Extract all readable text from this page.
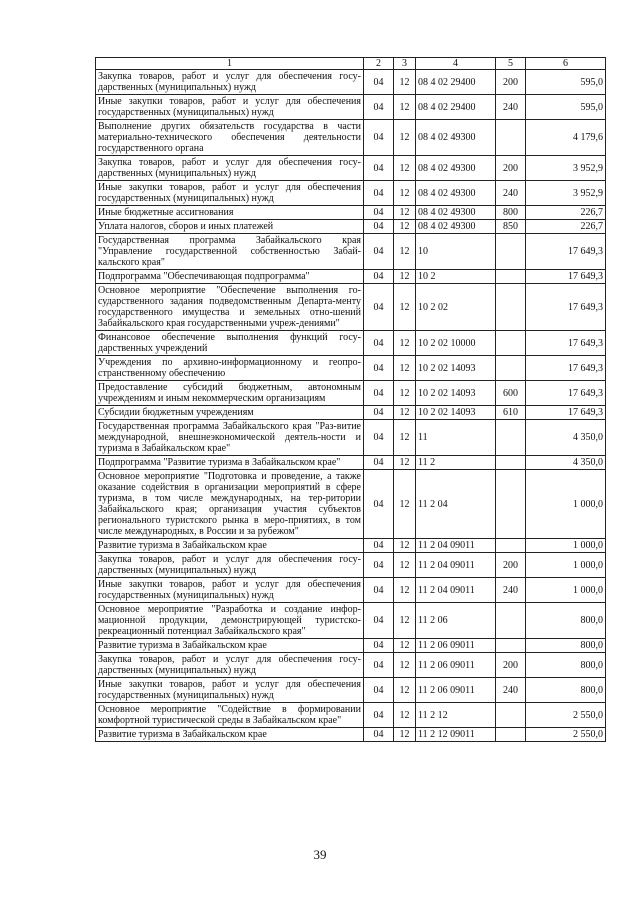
1	2	3	4	5	6
Закупка товаров, работ и услуг для обеспечения госу-дарственных (муниципальных) нужд	04	12	08 4 02 29400	200	595,0
Иные закупки товаров, работ и услуг для обеспечения государственных (муниципальных) нужд	04	12	08 4 02 29400	240	595,0
Выполнение других обязательств государства в части материально-технического обеспечения деятельности государственного органа	04	12	08 4 02 49300		4 179,6
Закупка товаров, работ и услуг для обеспечения госу-дарственных (муниципальных) нужд	04	12	08 4 02 49300	200	3 952,9
Иные закупки товаров, работ и услуг для обеспечения государственных (муниципальных) нужд	04	12	08 4 02 49300	240	3 952,9
Иные бюджетные ассигнования	04	12	08 4 02 49300	800	226,7
Уплата налогов, сборов и иных платежей	04	12	08 4 02 49300	850	226,7
Государственная программа Забайкальского края "Управление государственной собственностью Забай-кальского края"	04	12	10		17 649,3
Подпрограмма "Обеспечивающая подпрограмма"	04	12	10 2		17 649,3
Основное мероприятие "Обеспечение выполнения го-сударственного задания подведомственным Департа-менту государственного имущества и земельных отно-шений Забайкальского края государственными учреж-дениями"	04	12	10 2 02		17 649,3
Финансовое обеспечение выполнения функций госу-дарственных учреждений	04	12	10 2 02 10000		17 649,3
Учреждения по архивно-информационному и геопро-странственному обеспечению	04	12	10 2 02 14093		17 649,3
Предоставление субсидий бюджетным, автономным учреждениям и иным некоммерческим организациям	04	12	10 2 02 14093	600	17 649,3
Субсидии бюджетным учреждениям	04	12	10 2 02 14093	610	17 649,3
Государственная программа Забайкальского края "Раз-витие международной, внешнеэкономической деятель-ности и туризма в Забайкальском крае"	04	12	11		4 350,0
Подпрограмма "Развитие туризма в Забайкальском крае"	04	12	11 2		4 350,0
Основное мероприятие "Подготовка и проведение, а также оказание содействия в организации мероприятий в сфере туризма, в том числе международных, на тер-ритории Забайкальского края; организация участия субъектов регионального туристского рынка в меро-приятиях, в том числе международных, в России и за рубежом"	04	12	11 2 04		1 000,0
Развитие туризма в Забайкальском крае	04	12	11 2 04 09011		1 000,0
Закупка товаров, работ и услуг для обеспечения госу-дарственных (муниципальных) нужд	04	12	11 2 04 09011	200	1 000,0
Иные закупки товаров, работ и услуг для обеспечения государственных (муниципальных) нужд	04	12	11 2 04 09011	240	1 000,0
Основное мероприятие "Разработка и создание инфор-мационной продукции, демонстрирующей туристско-рекреационный потенциал Забайкальского края"	04	12	11 2 06		800,0
Развитие туризма в Забайкальском крае	04	12	11 2 06 09011		800,0
Закупка товаров, работ и услуг для обеспечения госу-дарственных (муниципальных) нужд	04	12	11 2 06 09011	200	800,0
Иные закупки товаров, работ и услуг для обеспечения государственных (муниципальных) нужд	04	12	11 2 06 09011	240	800,0
Основное мероприятие "Содействие в формировании комфортной туристической среды в Забайкальском крае"	04	12	11 2 12		2 550,0
Развитие туризма в Забайкальском крае	04	12	11 2 12 09011		2 550,0
39
